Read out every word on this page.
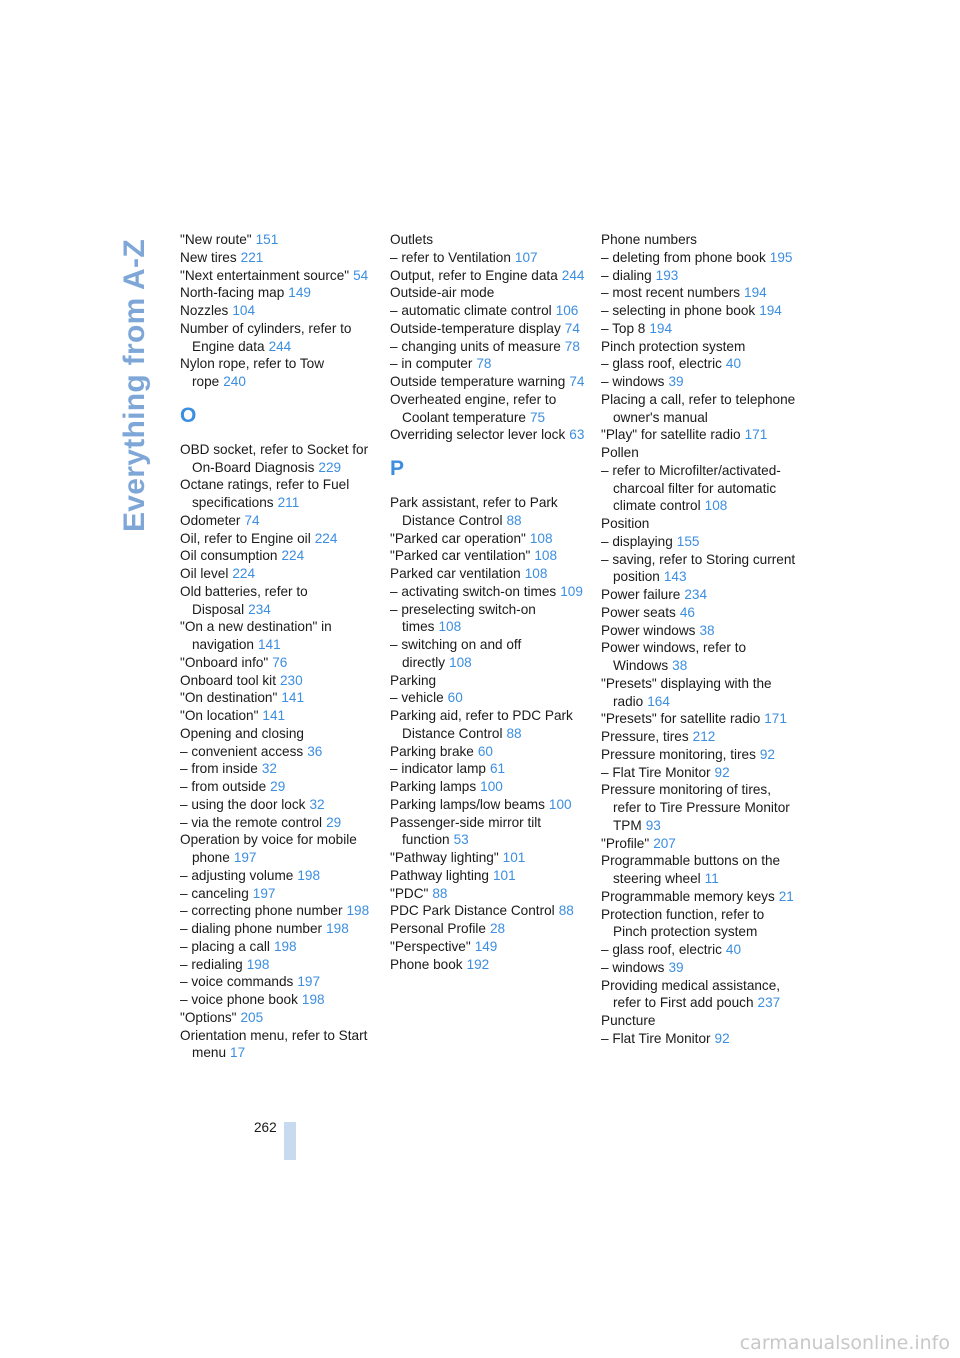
Everything from A-Z "New route" 151
New tires 221
"Next entertainment source" 54
North-facing map 149
Nozzles 104
Number of cylinders, refer to Engine data 244
Nylon rope, refer to Tow rope 240
O
OBD socket, refer to Socket for On-Board Diagnosis 229
Octane ratings, refer to Fuel specifications 211
Odometer 74
Oil, refer to Engine oil 224
Oil consumption 224
Oil level 224
Old batteries, refer to Disposal 234
"On a new destination" in navigation 141
"Onboard info" 76
Onboard tool kit 230
"On destination" 141
"On location" 141
Opening and closing
– convenient access 36
– from inside 32
– from outside 29
– using the door lock 32
– via the remote control 29
Operation by voice for mobile phone 197
– adjusting volume 198
– canceling 197
– correcting phone number 198
– dialing phone number 198
– placing a call 198
– redialing 198
– voice commands 197
– voice phone book 198
"Options" 205
Orientation menu, refer to Start menu 17
Outlets
– refer to Ventilation 107
Output, refer to Engine data 244
Outside-air mode
– automatic climate control 106
Outside-temperature display 74
– changing units of measure 78
– in computer 78
Outside temperature warning 74
Overheated engine, refer to Coolant temperature 75
Overriding selector lever lock 63
P
Park assistant, refer to Park Distance Control 88
"Parked car operation" 108
"Parked car ventilation" 108
Parked car ventilation 108
– activating switch-on times 109
– preselecting switch-on times 108
– switching on and off directly 108
Parking
– vehicle 60
Parking aid, refer to PDC Park Distance Control 88
Parking brake 60
– indicator lamp 61
Parking lamps 100
Parking lamps/low beams 100
Passenger-side mirror tilt function 53
"Pathway lighting" 101
Pathway lighting 101
"PDC" 88
PDC Park Distance Control 88
Personal Profile 28
"Perspective" 149
Phone book 192
Phone numbers
– deleting from phone book 195
– dialing 193
– most recent numbers 194
– selecting in phone book 194
– Top 8 194
Pinch protection system
– glass roof, electric 40
– windows 39
Placing a call, refer to telephone owner's manual
"Play" for satellite radio 171
Pollen
– refer to Microfilter/activated-charcoal filter for automatic climate control 108
Position
– displaying 155
– saving, refer to Storing current position 143
Power failure 234
Power seats 46
Power windows 38
Power windows, refer to Windows 38
"Presets" displaying with the radio 164
"Presets" for satellite radio 171
Pressure, tires 212
Pressure monitoring, tires 92
– Flat Tire Monitor 92
Pressure monitoring of tires, refer to Tire Pressure Monitor TPM 93
"Profile" 207
Programmable buttons on the steering wheel 11
Programmable memory keys 21
Protection function, refer to Pinch protection system
– glass roof, electric 40
– windows 39
Providing medical assistance, refer to First add pouch 237
Puncture
– Flat Tire Monitor 92
262
carmanualsonline.info
